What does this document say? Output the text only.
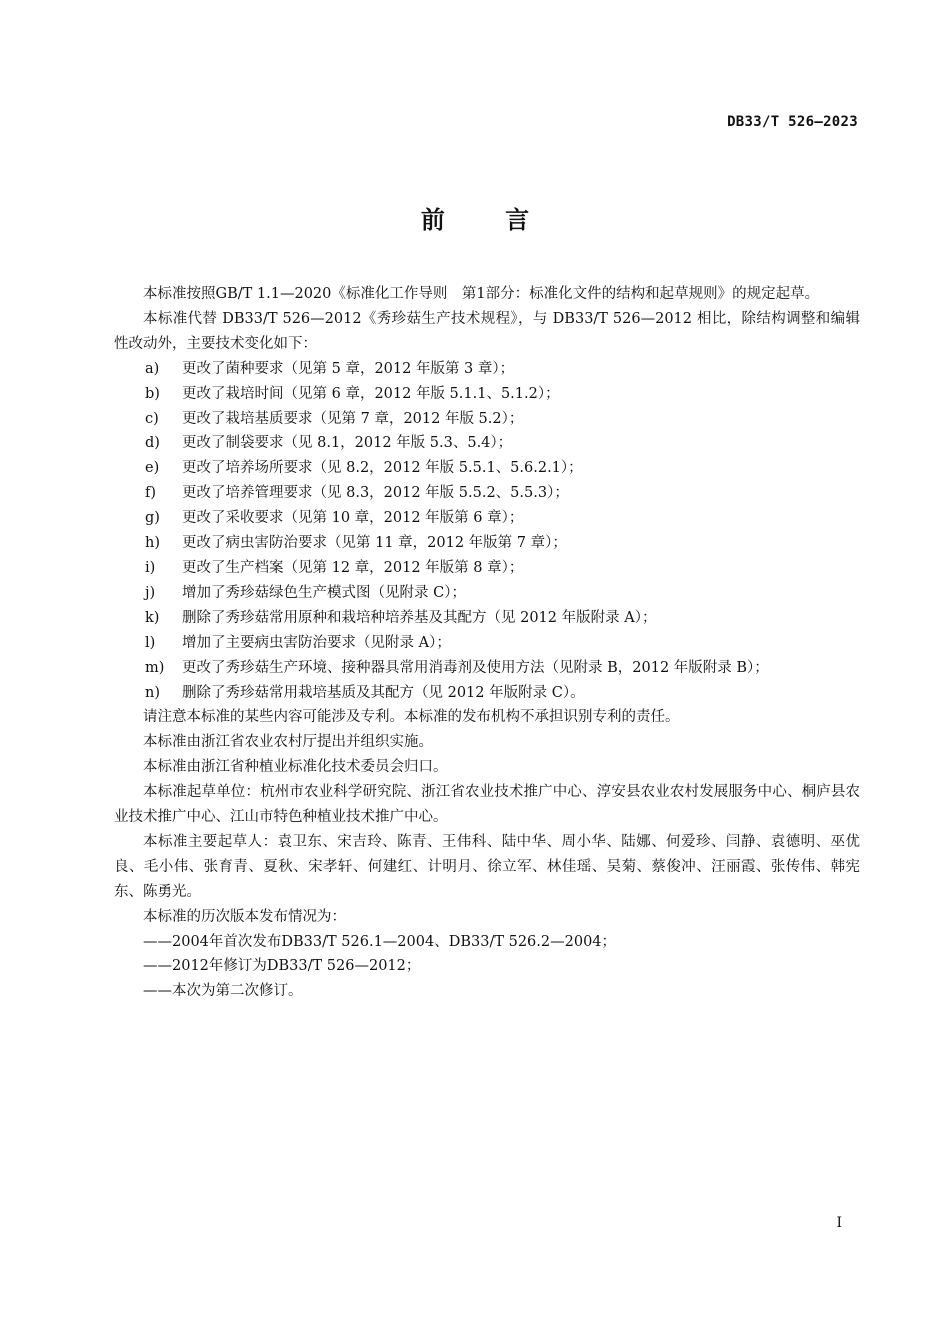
DB33/T 526—2023
前 言

本标准按照GB/T 1.1—2020《标准化工作导则　第1部分：标准化文件的结构和起草规则》的规定起草。

本标准代替 DB33/T 526—2012《秀珍菇生产技术规程》，与 DB33/T 526—2012 相比，除结构调整和编辑性改动外，主要技术变化如下：

a) 更改了菌种要求（见第 5 章，2012 年版第 3 章）；
b) 更改了栽培时间（见第 6 章，2012 年版 5.1.1、5.1.2）；
c) 更改了栽培基质要求（见第 7 章，2012 年版 5.2）；
d) 更改了制袋要求（见 8.1，2012 年版 5.3、5.4）；
e) 更改了培养场所要求（见 8.2，2012 年版 5.5.1、5.6.2.1）；
f) 更改了培养管理要求（见 8.3，2012 年版 5.5.2、5.5.3）；
g) 更改了采收要求（见第 10 章，2012 年版第 6 章）；
h) 更改了病虫害防治要求（见第 11 章，2012 年版第 7 章）；
i) 更改了生产档案（见第 12 章，2012 年版第 8 章）；
j) 增加了秀珍菇绿色生产模式图（见附录 C）；
k) 删除了秀珍菇常用原种和栽培种培养基及其配方（见 2012 年版附录 A）；
l) 增加了主要病虫害防治要求（见附录 A）；
m) 更改了秀珍菇生产环境、接种器具常用消毒剂及使用方法（见附录 B，2012 年版附录 B）；
n) 删除了秀珍菇常用栽培基质及其配方（见 2012 年版附录 C）。

请注意本标准的某些内容可能涉及专利。本标准的发布机构不承担识别专利的责任。

本标准由浙江省农业农村厅提出并组织实施。

本标准由浙江省种植业标准化技术委员会归口。

本标准起草单位：杭州市农业科学研究院、浙江省农业技术推广中心、淳安县农业农村发展服务中心、桐庐县农业技术推广中心、江山市特色种植业技术推广中心。

本标准主要起草人：袁卫东、宋吉玲、陈青、王伟科、陆中华、周小华、陆娜、何爱珍、闫静、袁德明、巫优良、毛小伟、张育青、夏秋、宋孝轩、何建红、计明月、徐立军、林佳瑶、吴菊、蔡俊冲、汪丽霞、张传伟、韩宪东、陈勇光。

本标准的历次版本发布情况为：

——2004年首次发布DB33/T 526.1—2004、DB33/T 526.2—2004；

——2012年修订为DB33/T 526—2012；

——本次为第二次修订。

I
